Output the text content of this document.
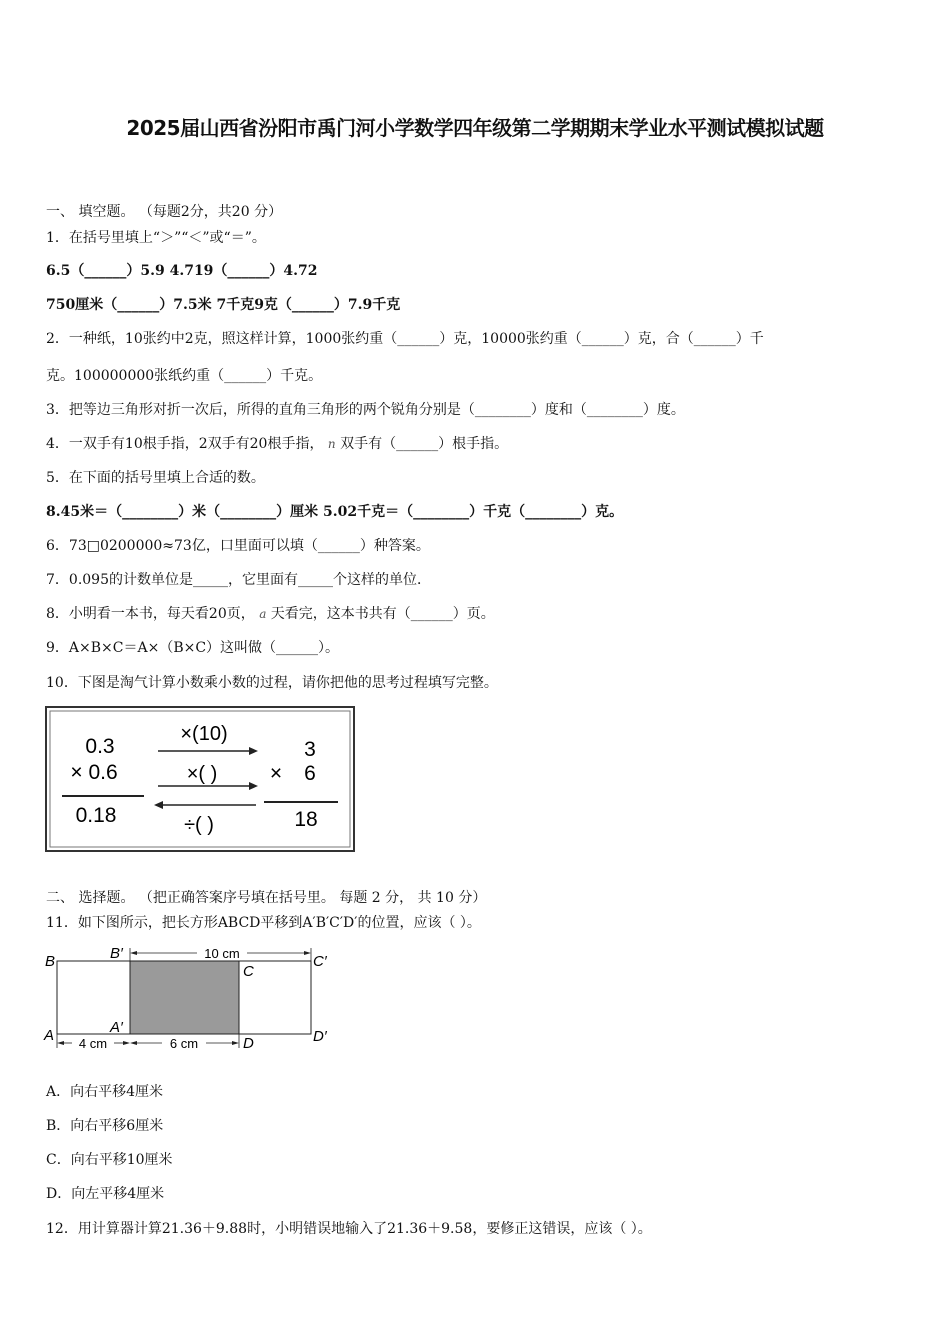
2025届山西省汾阳市禹门河小学数学四年级第二学期期末学业水平测试模拟试题
一、 填空题。 （每题2分，共20 分）
1．在括号里填上“＞”“＜”或“＝”。
6.5（______）5.9 4.719（______）4.72
750厘米（______）7.5米 7千克9克（______）7.9千克
2．一种纸，10张约中2克，照这样计算，1000张约重（______）克，10000张约重（______）克，合（______）千
克。100000000张纸约重（______）千克。
3．把等边三角形对折一次后，所得的直角三角形的两个锐角分别是（________）度和（________）度。
4．一双手有10根手指，2双手有20根手指， n 双手有（______）根手指。
5．在下面的括号里填上合适的数。
8.45米＝（________）米（________）厘米 5.02千克＝（________）千克（________）克。
6．73□0200000≈73亿，口里面可以填（______）种答案。
7．0.095的计数单位是_____，它里面有_____个这样的单位．
8．小明看一本书，每天看20页， a 天看完，这本书共有（______）页。
9．A×B×C＝A×（B×C）这叫做（______）。
10．下图是淘气计算小数乘小数的过程，请你把他的思考过程填写完整。
0.3
× 0.6
0.18
×(10)
×( )
÷( )
3
× 6
18
二、 选择题。 （把正确答案序号填在括号里。 每题 2 分， 共 10 分）
11．如下图所示，把长方形ABCD平移到A′B′C′D′的位置，应该（ ）。
10 cm
4 cm	6 cm
B	B′
C
C′
A	A′
D	D′
A．向右平移4厘米
B．向右平移6厘米
C．向右平移10厘米
D．向左平移4厘米
12．用计算器计算21.36＋9.88时，小明错误地输入了21.36＋9.58，要修正这错误，应该（ ）。
